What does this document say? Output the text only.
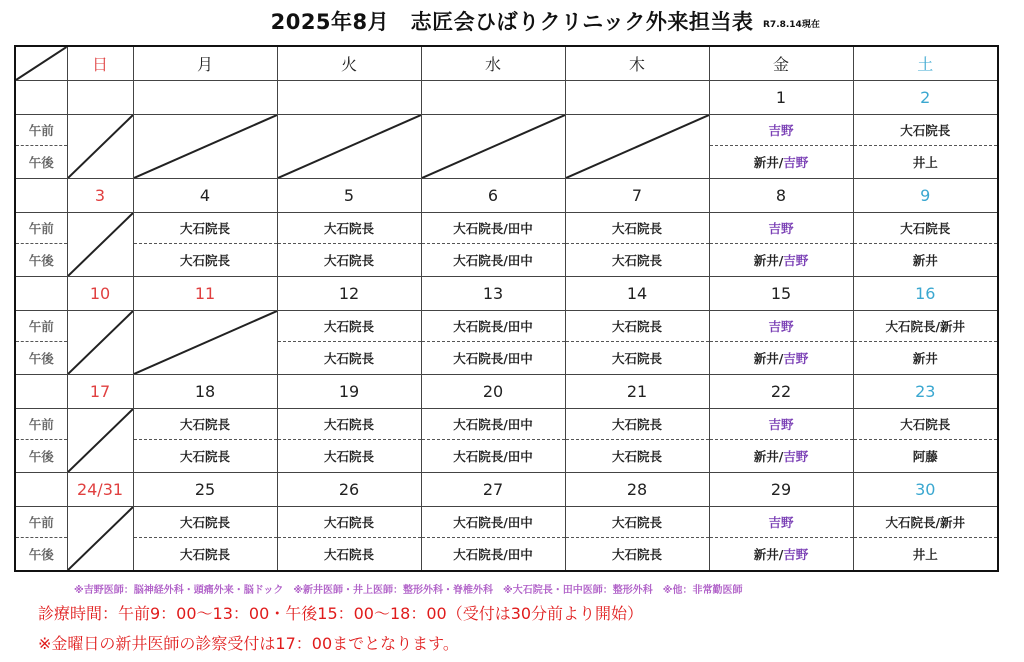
2025年8月　志匠会ひばりクリニック外来担当表	R7.8.14現在
	日	月	火	水	木	金	土
						1	2
午前						吉野	大石院長
午後						新井/吉野	井上
	3	4	5	6	7	8	9
午前		大石院長	大石院長	大石院長/田中	大石院長	吉野	大石院長
午後		大石院長	大石院長	大石院長/田中	大石院長	新井/吉野	新井
	10	11	12	13	14	15	16
午前			大石院長	大石院長/田中	大石院長	吉野	大石院長/新井
午後			大石院長	大石院長/田中	大石院長	新井/吉野	新井
	17	18	19	20	21	22	23
午前		大石院長	大石院長	大石院長/田中	大石院長	吉野	大石院長
午後		大石院長	大石院長	大石院長/田中	大石院長	新井/吉野	阿藤
	24/31	25	26	27	28	29	30
午前		大石院長	大石院長	大石院長/田中	大石院長	吉野	大石院長/新井
午後		大石院長	大石院長	大石院長/田中	大石院長	新井/吉野	井上
※吉野医師：脳神経外科・頭痛外来・脳ドック　※新井医師・井上医師：整形外科・脊椎外科　※大石院長・田中医師：整形外科　※他：非常勤医師
診療時間：午前9：00～13：00・午後15：00～18：00（受付は30分前より開始）
※金曜日の新井医師の診察受付は17：00までとなります。
